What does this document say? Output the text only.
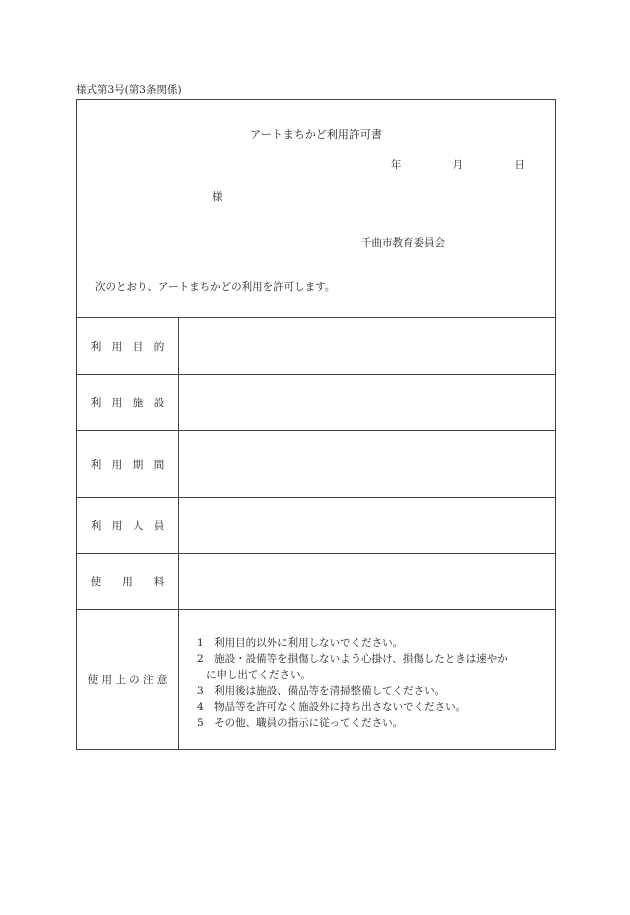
様式第3号(第3条関係)
アートまちかど利用許可書
年	月	日
様
千曲市教育委員会
次のとおり、アートまちかどの利用を許可します。
利　用　目　的
利　用　施　設
利　用　期　間
利　用　人　員
使　　用　　料
使 用 上 の 注 意
1　利用目的以外に利用しないでください。
2　施設・設備等を損傷しないよう心掛け、損傷したときは速やか
に申し出てください。
3　利用後は施設、備品等を清掃整備してください。
4　物品等を許可なく施設外に持ち出さないでください。
5　その他、職員の指示に従ってください。
